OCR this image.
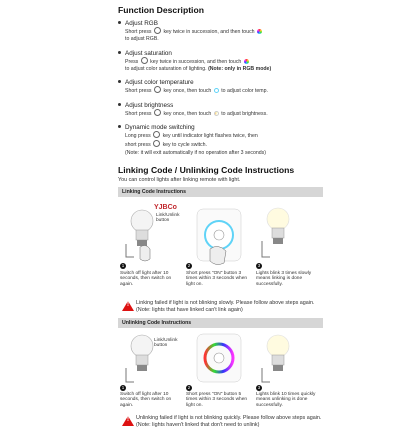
Function Description
Adjust RGB
Short press key twice in succession, and then touch
to adjust RGB.
Adjust saturation
Press key twice in succession, and then touch
to adjust color saturation of lighting. (Note: only in RGB mode)
Adjust color temperature
Short press key once, then touch to adjust color temp.
Adjust brightness
Short press key once, then touch to adjust brightness.
Dynamic mode switching
Long press key until indicator light flashes twice, then
short press key to cycle switch.
(Note: it will exit automatically if no operation after 3 seconds)
Linking Code / Unlinking Code Instructions
You can control lights after linking remote with light.
Linking Code Instructions
YJBCo
Link/Unlink
button
1	2	3
Switch off light after 10 seconds, then switch on again.
Short press "ON" button 3 times within 3 seconds when light on.
Lights blink 3 times slowly means linking is done successfully.
!
Linking failed if light is not blinking slowly. Please follow above steps again.(Note: lights that have linked can't link again)
Unlinking Code Instructions
Link/Unlink
button
1	2	3
Switch off light after 10 seconds, then switch on again.
Short press "ON" button 5 times within 3 seconds when light on.
Lights blink 10 times quickly means unlinking is done successfully.
!
Unlinking failed if light is not blinking quickly. Please follow above steps again.(Note: lights haven't linked that don't need to unlink)
